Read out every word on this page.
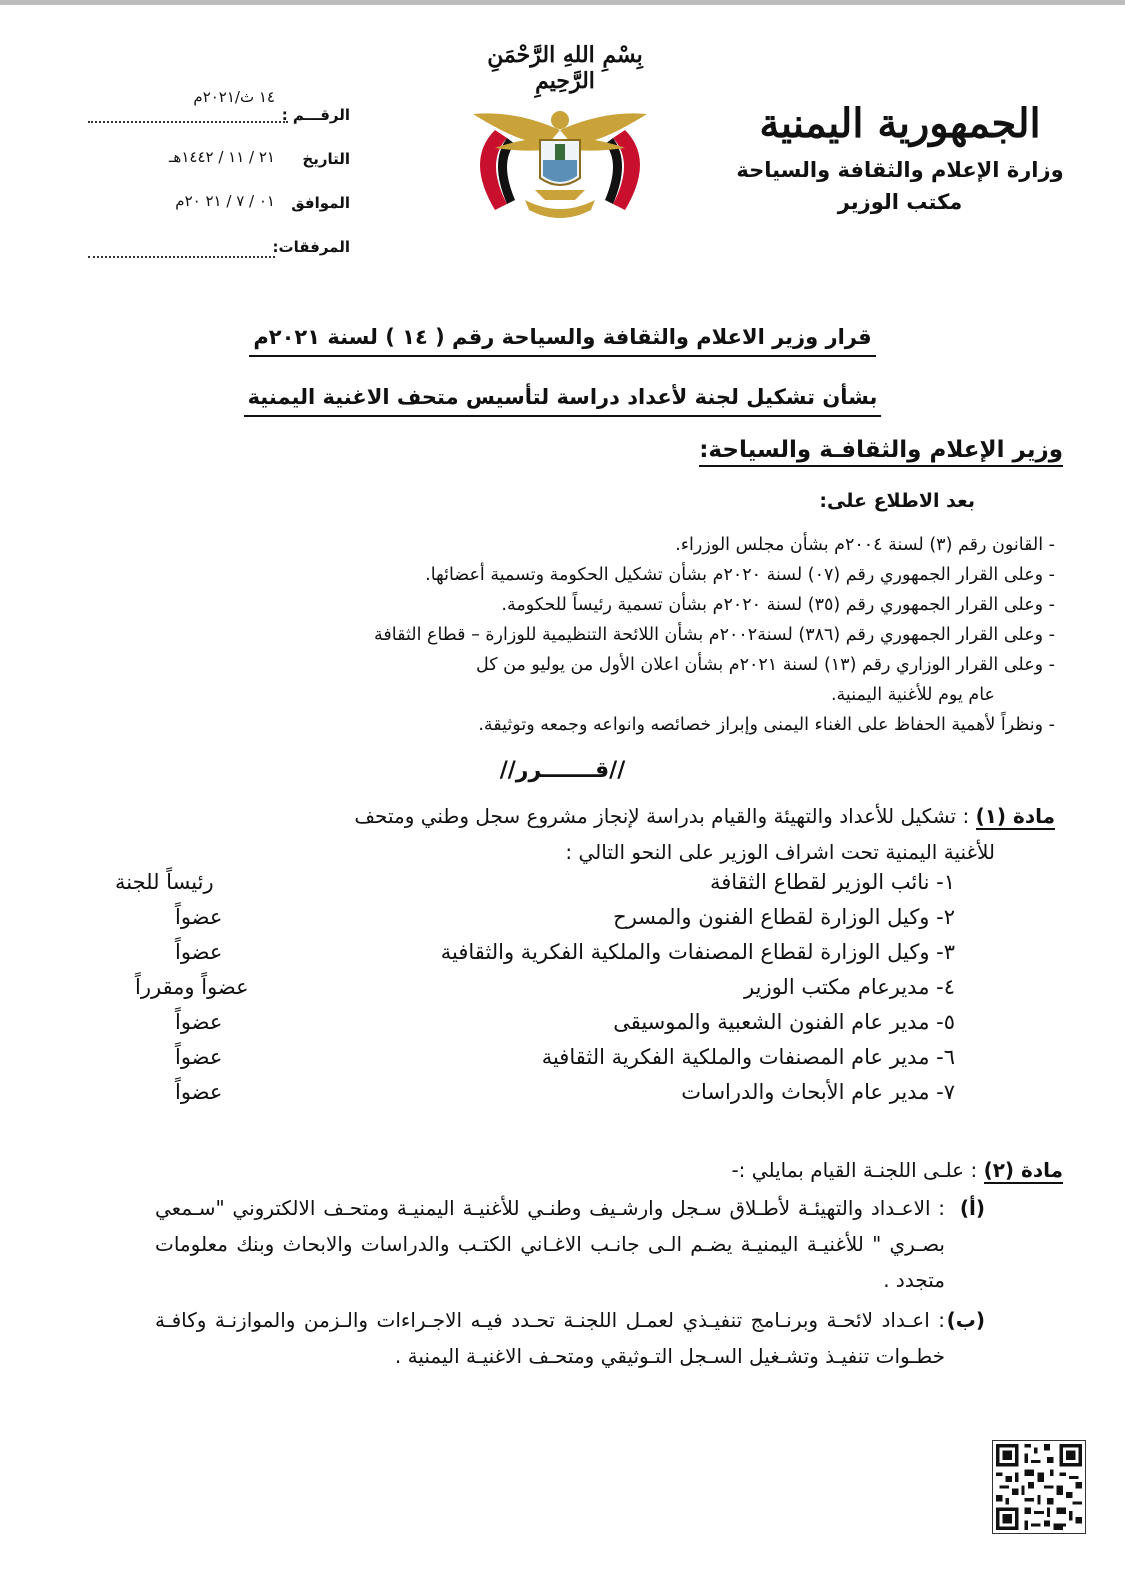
الجمهورية اليمنية

وزارة الإعلام والثقافة والسياحة

مكتب الوزير

بِسْمِ اللهِ الرَّحْمَنِ الرَّحِيمِ
الرقـــم :
١٤ ث/٢٠٢١م
التاريخ
٢١ / ١١ / ١٤٤٢هـ
الموافق
٠١ / ٧ / ٢١ ٢٠م
المرفقات:
قرار وزير الاعلام والثقافة والسياحة رقم ( ١٤ ) لسنة ٢٠٢١م
بشأن تشكيل لجنة لأعداد دراسة لتأسيس متحف الاغنية اليمنية
وزير الإعلام والثقافـة والسياحة:
بعد الاطلاع على:
- القانون رقم (٣) لسنة ٢٠٠٤م بشأن مجلس الوزراء.
- وعلى القرار الجمهوري رقم (٠٧) لسنة ٢٠٢٠م بشأن تشكيل الحكومة وتسمية أعضائها.
- وعلى القرار الجمهوري رقم (٣٥) لسنة ٢٠٢٠م بشأن تسمية رئيساً للحكومة.
- وعلى القرار الجمهوري رقم (٣٨٦) لسنة٢٠٠٢م بشأن اللائحة التنظيمية للوزارة – قطاع الثقافة
- وعلى القرار الوزاري رقم (١٣) لسنة ٢٠٢١م بشأن اعلان الأول من يوليو من كل
عام يوم للأغنية اليمنية.
- ونظراً لأهمية الحفاظ على الغناء اليمنى وإبراز خصائصه وانواعه وجمعه وتوثيقة.
//قـــــــرر//
مادة (١) : تشكيل للأعداد والتهيئة والقيام بدراسة لإنجاز مشروع سجل وطني ومتحف
للأغنية اليمنية تحت اشراف الوزير على النحو التالي :
١- نائب الوزير لقطاع الثقافة
رئيساً للجنة
٢- وكيل الوزارة لقطاع الفنون والمسرح
عضواً
٣- وكيل الوزارة لقطاع المصنفات والملكية الفكرية والثقافية
عضواً
٤- مديرعام مكتب الوزير
عضواً ومقرراً
٥- مدير عام الفنون الشعبية والموسيقى
عضواً
٦- مدير عام المصنفات والملكية الفكرية الثقافية
عضواً
٧- مدير عام الأبحاث والدراسات
عضواً
مادة (٢) : علـى اللجنـة القيام بمايلي :-
(أ)
: الاعـداد والتهيئـة لأطـلاق سـجل وارشـيف وطنـي للأغنيـة اليمنيـة ومتحـف الالكتروني "سـمعي بصـري " للأغنيـة اليمنيـة يضـم الـى جانـب الاغـاني الكتـب والدراسات والابحاث وبنك معلومات متجدد .
(ب)
: اعـداد لائحـة وبرنـامج تنفيـذي لعمـل اللجنـة تحـدد فيـه الاجـراءات والـزمن والموازنـة وكافـة خطـوات تنفيـذ وتشـغيل السـجل التـوثيقي ومتحـف الاغنيـة اليمنية .
